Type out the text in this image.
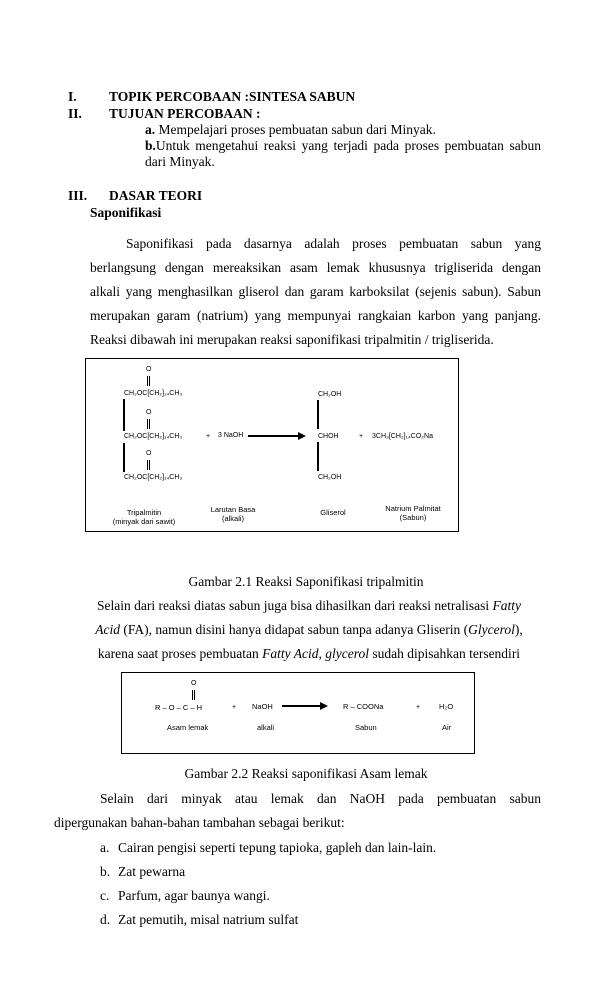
I. TOPIK PERCOBAAN :SINTESA SABUN
II. TUJUAN PERCOBAAN :
a. Mempelajari proses pembuatan sabun dari Minyak.
b.Untuk mengetahui reaksi yang terjadi pada proses pembuatan sabun
dari Minyak.
III. DASAR TEORI
Saponifikasi
Saponifikasi pada dasarnya adalah proses pembuatan sabun yang
berlangsung dengan mereaksikan asam lemak khususnya trigliserida dengan
alkali yang menghasilkan gliserol dan garam karboksilat (sejenis sabun). Sabun
merupakan garam (natrium) yang mempunyai rangkaian karbon yang panjang.
Reaksi dibawah ini merupakan reaksi saponifikasi tripalmitin / trigliserida.
O
CH₂OC[CH₂]₁₄CH₃
O
CH₂OC[CH₂]₁₄CH₃
O
CH₂OC[CH₂]₁₄CH₃
+ 3 NaOH →
CH₂OH
CHOH
CH₂OH
+ 3CH₃[CH₂]₁₄CO₂Na
Tripalmitin
(minyak dari sawit)
Larutan Basa
(alkali)
Gliserol	Natrium Palmitat
(Sabun)
Gambar 2.1 Reaksi Saponifikasi tripalmitin
Selain dari reaksi diatas sabun juga bisa dihasilkan dari reaksi netralisasi Fatty
Acid (FA), namun disini hanya didapat sabun tanpa adanya Gliserin (Glycerol),
karena saat proses pembuatan Fatty Acid, glycerol sudah dipisahkan tersendiri
O
R – O – C – H	+ NaOH	R – COONa	+	H₂O
Asam lemak	alkali	Sabun	Air
Gambar 2.2 Reaksi saponifikasi Asam lemak
Selain dari minyak atau lemak dan NaOH pada pembuatan sabun
dipergunakan bahan-bahan tambahan sebagai berikut:
a. Cairan pengisi seperti tepung tapioka, gapleh dan lain-lain.
b. Zat pewarna
c. Parfum, agar baunya wangi.
d. Zat pemutih, misal natrium sulfat
